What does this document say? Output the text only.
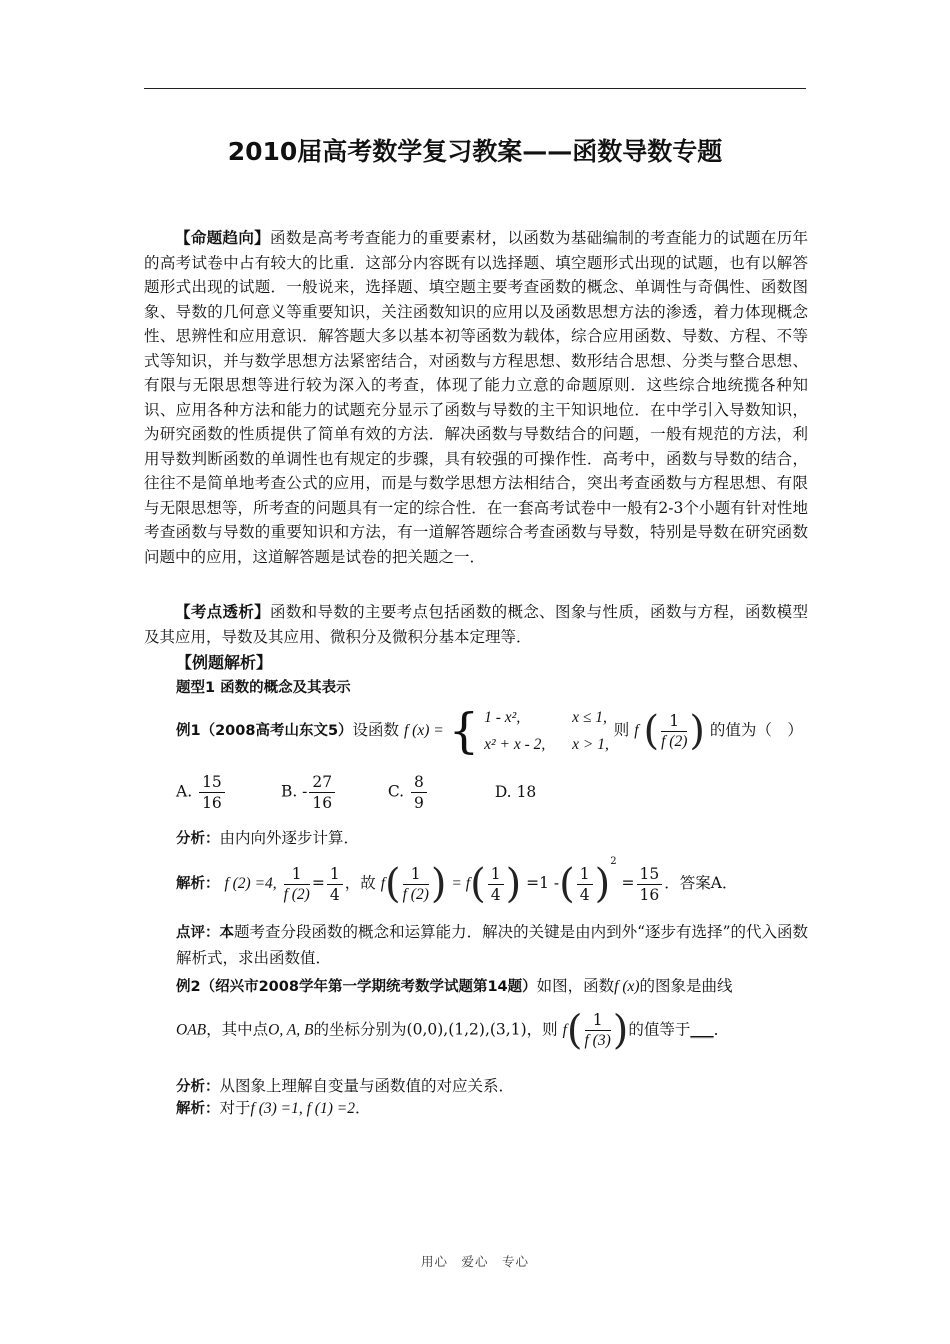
2010届高考数学复习教案——函数导数专题
【命题趋向】函数是高考考查能力的重要素材，以函数为基础编制的考查能力的试题在历年的高考试卷中占有较大的比重．这部分内容既有以选择题、填空题形式出现的试题，也有以解答题形式出现的试题．一般说来，选择题、填空题主要考查函数的概念、单调性与奇偶性、函数图象、导数的几何意义等重要知识，关注函数知识的应用以及函数思想方法的渗透，着力体现概念性、思辨性和应用意识．解答题大多以基本初等函数为载体，综合应用函数、导数、方程、不等式等知识，并与数学思想方法紧密结合，对函数与方程思想、数形结合思想、分类与整合思想、有限与无限思想等进行较为深入的考查，体现了能力立意的命题原则．这些综合地统揽各种知识、应用各种方法和能力的试题充分显示了函数与导数的主干知识地位．在中学引入导数知识，为研究函数的性质提供了简单有效的方法．解决函数与导数结合的问题，一般有规范的方法，利用导数判断函数的单调性也有规定的步骤，具有较强的可操作性．高考中，函数与导数的结合，往往不是简单地考查公式的应用，而是与数学思想方法相结合，突出考查函数与方程思想、有限与无限思想等，所考查的问题具有一定的综合性．在一套高考试卷中一般有2-3个小题有针对性地考查函数与导数的重要知识和方法，有一道解答题综合考查函数与导数，特别是导数在研究函数问题中的应用，这道解答题是试卷的把关题之一．
【考点透析】函数和导数的主要考点包括函数的概念、图象与性质，函数与方程，函数模型及其应用，导数及其应用、微积分及微积分基本定理等．
【例题解析】
题型1 函数的概念及其表示
例1（2008高考山东文5）设函数 f (x) = { 1 - x²,	x ≤ 1,
x² + x - 2, x > 1,
则 f ( $\frac{1}{f (2)}$ ) 的值为（　）
A. $\frac{15}{16}$	B. - $\frac{27}{16}$	C. $\frac{8}{9}$	D. 18
分析：由内向外逐步计算．
解析： f (2) =4, $\frac{1}{f (2)} = \frac{1}{4}$ ，故 $f( \frac{1}{f (2)}$ ) = $f( \frac{1}{4}$ ) =1 -( $\frac{1}{4} )^2 = \frac{15}{16}$ ．答案A．
点评：本题考查分段函数的概念和运算能力．解决的关键是由内到外“逐步有选择”的代入函数解析式，求出函数值．
例2（绍兴市2008学年第一学期统考数学试题第14题）如图，函数f (x)的图象是曲线
OAB，其中点O, A, B的坐标分别为(0,0),(1,2),(3,1)，则 $f( \frac{1}{f (3)}$ )的值等于___．
分析：从图象上理解自变量与函数值的对应关系．
解析：对于f (3) =1, f (1) =2．
用心　爱心　专心
